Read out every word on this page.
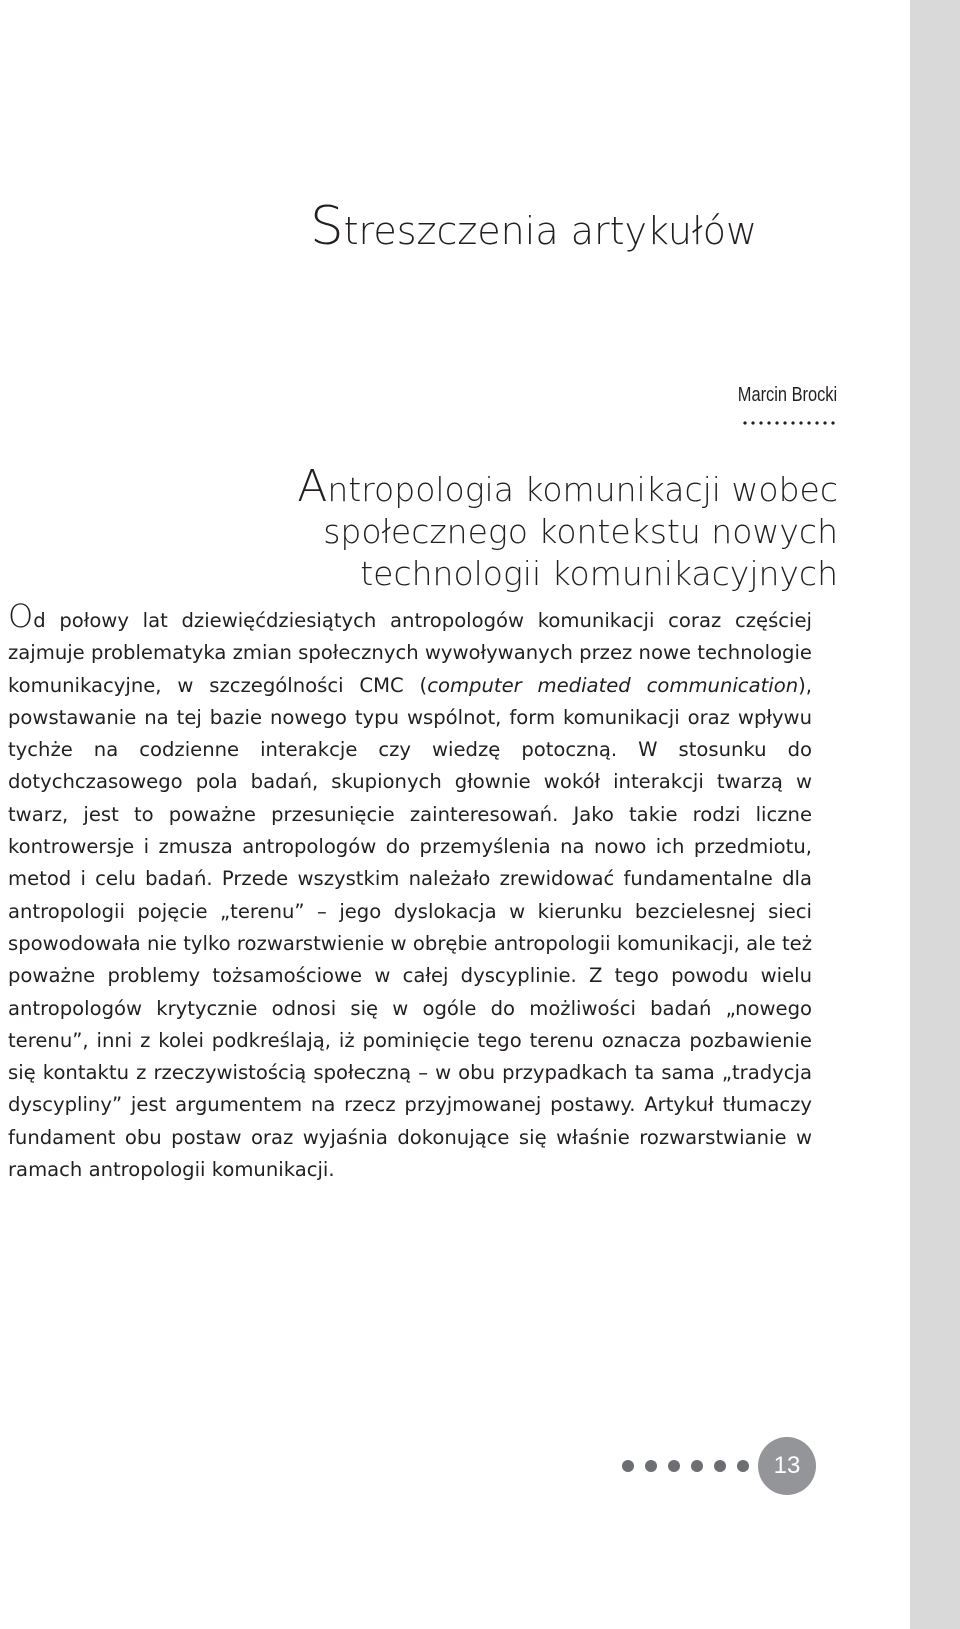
Streszczenia artykułów
Marcin Brocki
Antropologia komunikacji wobec
społecznego kontekstu nowych
technologii komunikacyjnych
Od połowy lat dziewięćdziesiątych antropologów komunikacji coraz częściej zajmuje problematyka zmian społecznych wywoływanych przez nowe technologie komunikacyjne, w szczególności CMC (computer mediated communication), powstawanie na tej bazie nowego typu wspólnot, form komunikacji oraz wpływu tychże na codzienne interakcje czy wiedzę potoczną. W stosunku do dotychczasowego pola badań, skupionych głownie wokół interakcji twarzą w twarz, jest to poważne przesunięcie zainteresowań. Jako takie rodzi liczne kontrowersje i zmusza antropologów do przemyślenia na nowo ich przedmiotu, metod i celu badań. Przede wszystkim należało zrewidować fundamentalne dla antropologii pojęcie „terenu” – jego dyslokacja w kierunku bezcielesnej sieci spowodowała nie tylko rozwarstwienie w obrębie antropologii komunikacji, ale też poważne problemy tożsamościowe w całej dyscyplinie. Z tego powodu wielu antropologów krytycznie odnosi się w ogóle do możliwości badań „nowego terenu”, inni z kolei podkreślają, iż pominięcie tego terenu oznacza pozbawienie się kontaktu z rzeczywistością społeczną – w obu przypadkach ta sama „tradycja dyscypliny” jest argumentem na rzecz przyjmowanej postawy. Artykuł tłumaczy fundament obu postaw oraz wyjaśnia dokonujące się właśnie rozwarstwianie w ramach antropologii komunikacji.
13
